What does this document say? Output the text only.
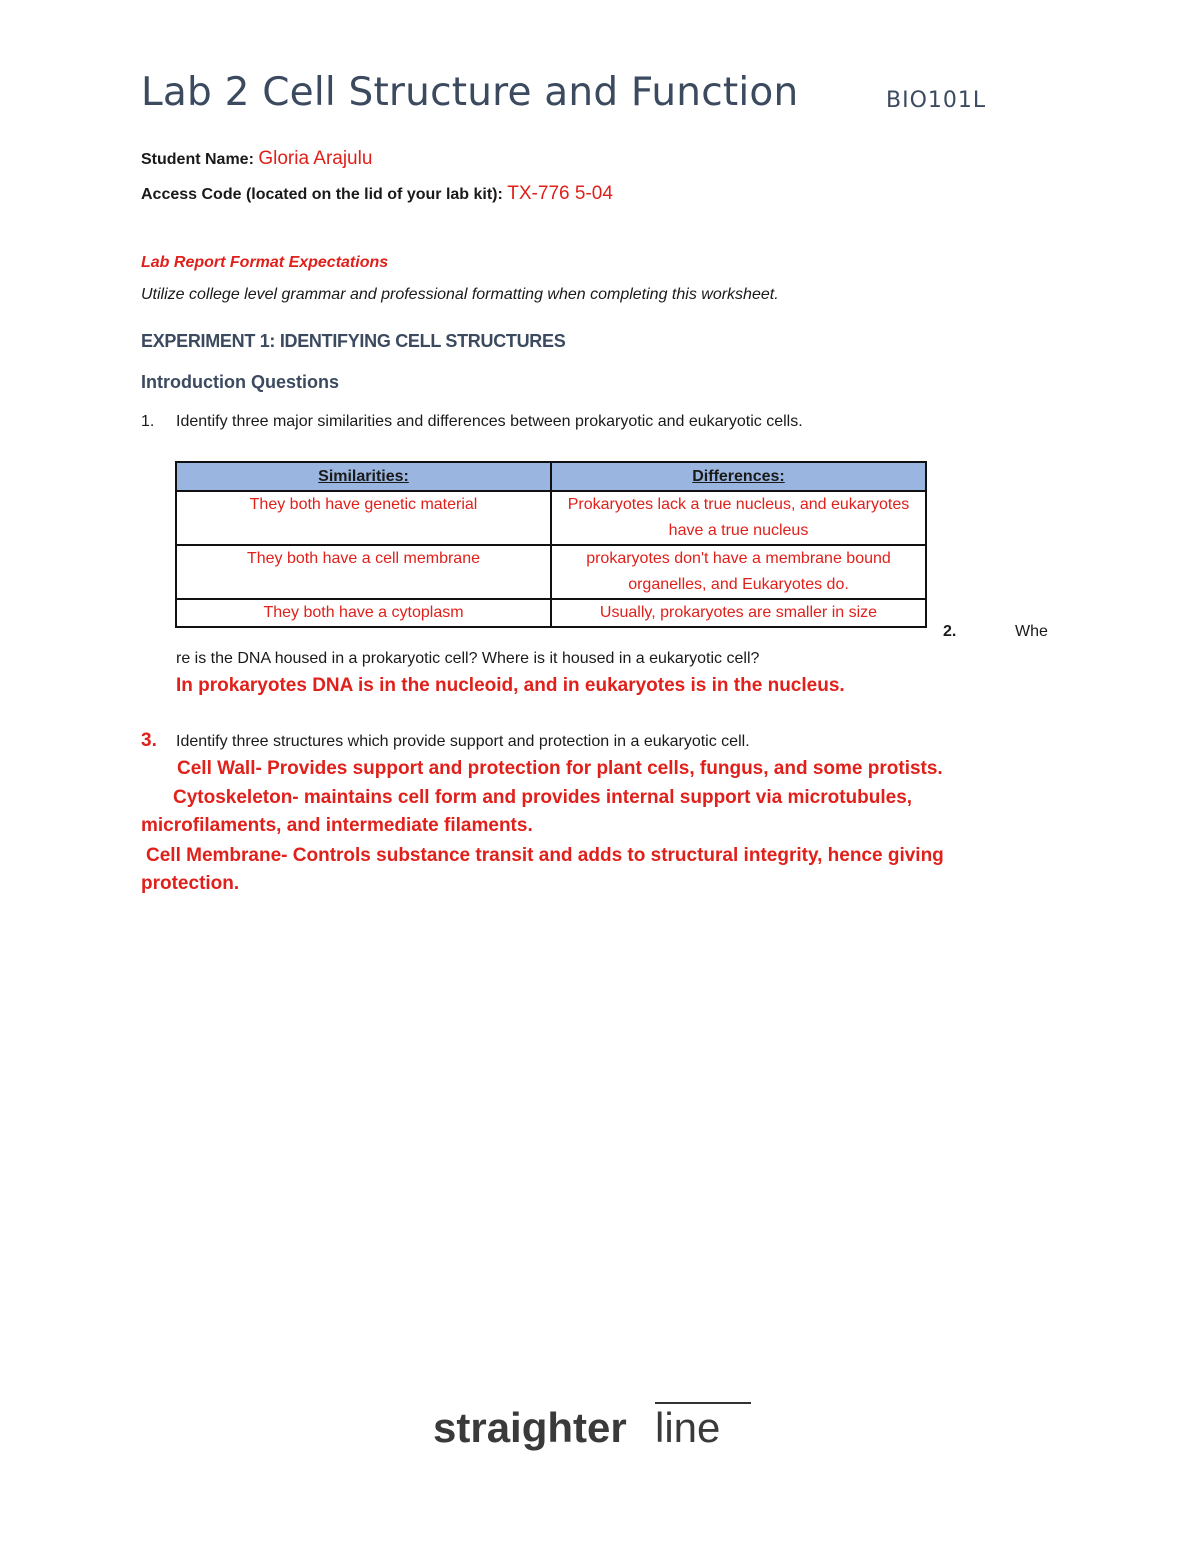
Lab 2 Cell Structure and Function	BIO101L
Student Name: Gloria Arajulu
Access Code (located on the lid of your lab kit): TX-776 5-04
Lab Report Format Expectations
Utilize college level grammar and professional formatting when completing this worksheet.
EXPERIMENT 1: IDENTIFYING CELL STRUCTURES
Introduction Questions
1. Identify three major similarities and differences between prokaryotic and eukaryotic cells.
Similarities:	Differences:
They both have genetic material	Prokaryotes lack a true nucleus, and eukaryotes have a true nucleus
They both have a cell membrane	prokaryotes don't have a membrane bound organelles, and Eukaryotes do.
They both have a cytoplasm	Usually, prokaryotes are smaller in size
2.	Whe
re is the DNA housed in a prokaryotic cell? Where is it housed in a eukaryotic cell?
In prokaryotes DNA is in the nucleoid, and in eukaryotes is in the nucleus.
3. Identify three structures which provide support and protection in a eukaryotic cell.
Cell Wall- Provides support and protection for plant cells, fungus, and some protists.
Cytoskeleton- maintains cell form and provides internal support via microtubules,
microfilaments, and intermediate filaments.
Cell Membrane- Controls substance transit and adds to structural integrity, hence giving
protection.
straighter line
